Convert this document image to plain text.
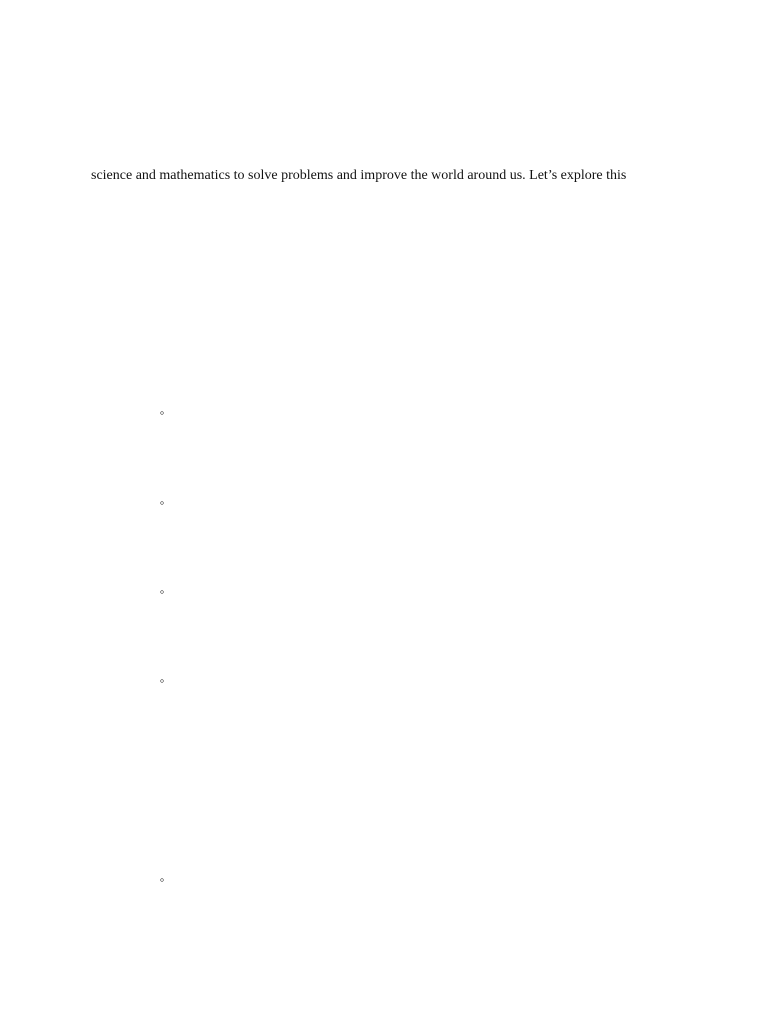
science and mathematics to solve problems and improve the world around us. Let’s explore this

◦
◦
◦
◦
◦
